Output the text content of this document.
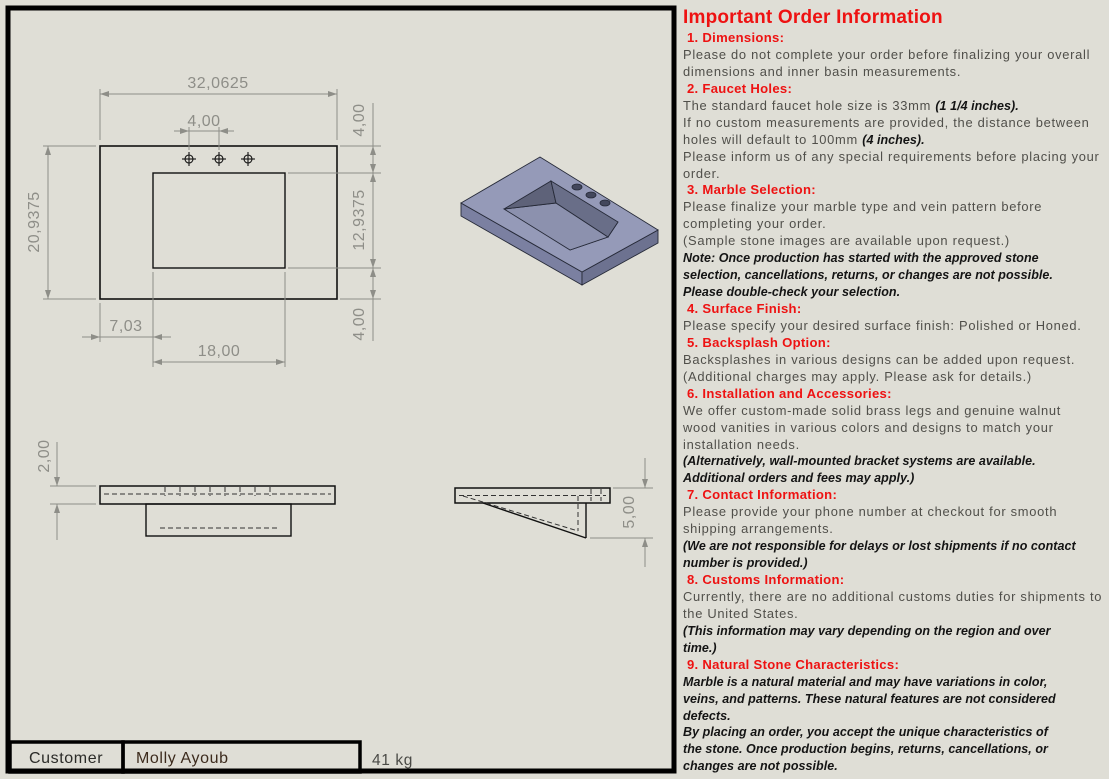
32,0625
4,00
20,9375
7,03
18,00
4,00
12,9375
4,00
2,00
5,00
Customer Molly Ayoub	41 kg
Important Order Information
1. Dimensions:
Please do not complete your order before finalizing your overall
dimensions and inner basin measurements.
2. Faucet Holes:
The standard faucet hole size is 33mm (1 1/4 inches).
If no custom measurements are provided, the distance between
holes will default to 100mm (4 inches).
Please inform us of any special requirements before placing your
order.
3. Marble Selection:
Please finalize your marble type and vein pattern before
completing your order.
(Sample stone images are available upon request.)
Note: Once production has started with the approved stone
selection, cancellations, returns, or changes are not possible.
Please double-check your selection.
4. Surface Finish:
Please specify your desired surface finish: Polished or Honed.
5. Backsplash Option:
Backsplashes in various designs can be added upon request.
(Additional charges may apply. Please ask for details.)
6. Installation and Accessories:
We offer custom-made solid brass legs and genuine walnut
wood vanities in various colors and designs to match your
installation needs.
(Alternatively, wall-mounted bracket systems are available.
Additional orders and fees may apply.)
7. Contact Information:
Please provide your phone number at checkout for smooth
shipping arrangements.
(We are not responsible for delays or lost shipments if no contact
number is provided.)
8. Customs Information:
Currently, there are no additional customs duties for shipments to
the United States.
(This information may vary depending on the region and over
time.)
9. Natural Stone Characteristics:
Marble is a natural material and may have variations in color,
veins, and patterns. These natural features are not considered
defects.
By placing an order, you accept the unique characteristics of
the stone. Once production begins, returns, cancellations, or
changes are not possible.
